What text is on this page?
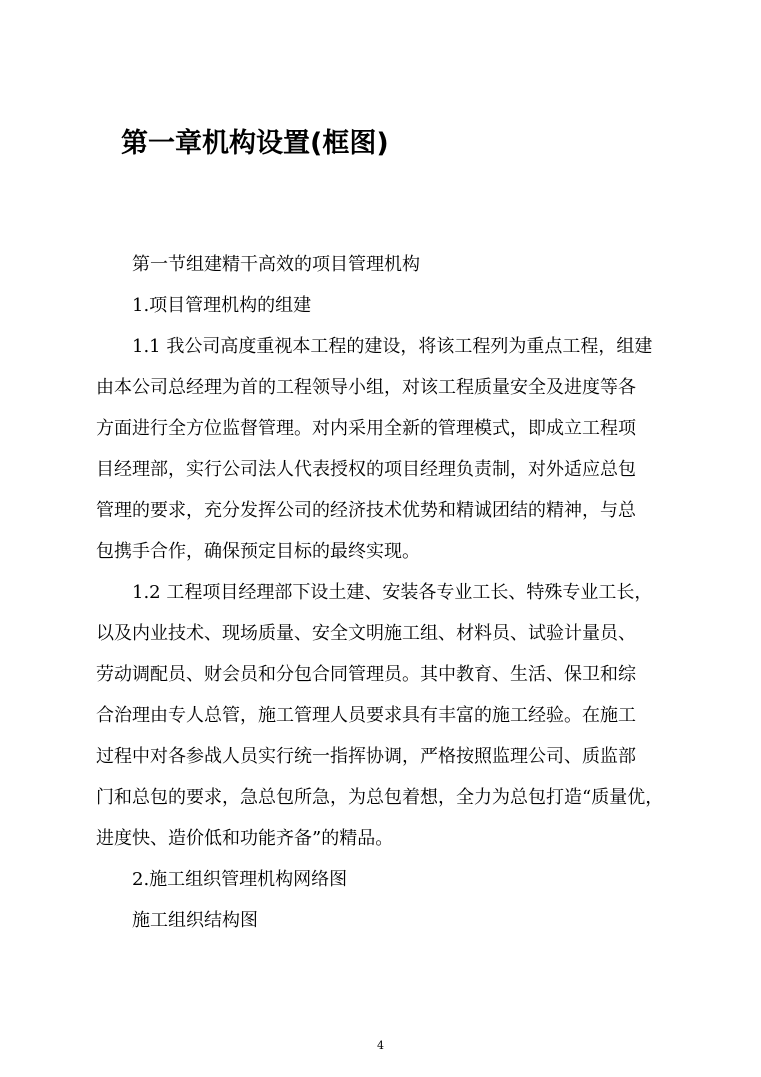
第一章机构设置(框图)

第一节组建精干高效的项目管理机构

1.项目管理机构的组建

1.1 我公司高度重视本工程的建设，将该工程列为重点工程，组建
由本公司总经理为首的工程领导小组，对该工程质量安全及进度等各
方面进行全方位监督管理。对内采用全新的管理模式，即成立工程项
目经理部，实行公司法人代表授权的项目经理负责制，对外适应总包
管理的要求，充分发挥公司的经济技术优势和精诚团结的精神，与总
包携手合作，确保预定目标的最终实现。

1.2 工程项目经理部下设土建、安装各专业工长、特殊专业工长，
以及内业技术、现场质量、安全文明施工组、材料员、试验计量员、
劳动调配员、财会员和分包合同管理员。其中教育、生活、保卫和综
合治理由专人总管，施工管理人员要求具有丰富的施工经验。在施工
过程中对各参战人员实行统一指挥协调，严格按照监理公司、质监部
门和总包的要求，急总包所急，为总包着想，全力为总包打造“质量优，
进度快、造价低和功能齐备”的精品。

2.施工组织管理机构网络图

施工组织结构图

4
